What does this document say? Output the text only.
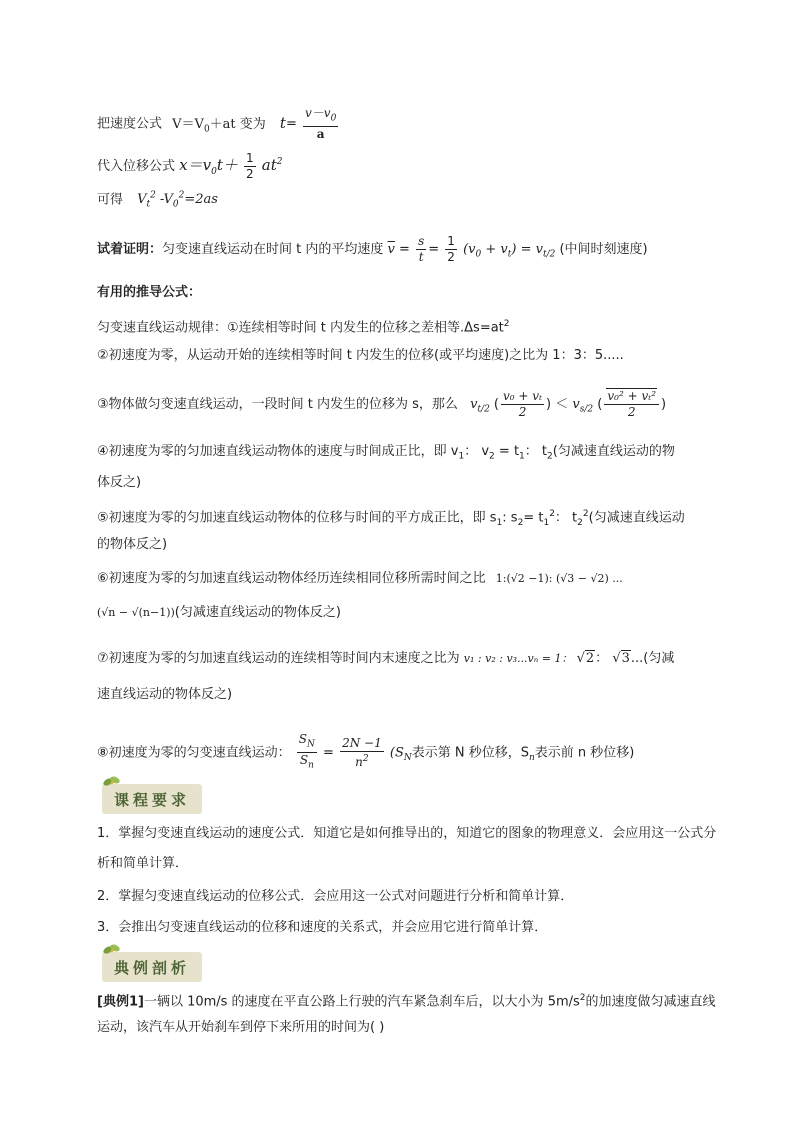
把速度公式 $V=V_0+at$ 变为 $t= \frac{v-v_0}{a}$
代入位移公式 $x=v_0t+ \frac{1}{2} at^2$
可得 $V_t^2$ $-V_0^2=2as$
试着证明：匀变速直线运动在时间 t 内的平均速度 $\overline{v} = \frac{s}{t} = \frac{1}{2} (v_0 + v_t) = v_{t/2}$ (中间时刻速度)
有用的推导公式：
匀变速直线运动规律：①连续相等时间 t 内发生的位移之差相等$.\Delta s=at^2$
②初速度为零，从运动开始的连续相等时间 t 内发生的位移(或平均速度)之比为 1：3：5.....
③物体做匀变速直线运动，一段时间 t 内发生的位移为 s，那么 $v_{t/2}$ ( $\frac{\text{v₀ + vₜ}}{2}$ ) ＜ $v_{s/2}$ ( $\frac{\text{v₀² + vₜ²}}{2}$ )
④初速度为零的匀加速直线运动物体的速度与时间成正比，即 $v_1$： $v_2 = t_1$： $t_2$(匀减速直线运动的物
体反之)
⑤初速度为零的匀加速直线运动物体的位移与时间的平方成正比，即 $s_1$: $s_2= t_1^2$： $t_2^2$(匀减速直线运动
的物体反之)
⑥初速度为零的匀加速直线运动物体经历连续相同位移所需时间之比 1:(√2 −1): (√3 − √2) ...
(√n − √(n−1))(匀减速直线运动的物体反之)
⑦初速度为零的匀加速直线运动的连续相等时间内末速度之比为 v₁ : v₂ : v₃...vₙ = 1： √2： √3...(匀减
速直线运动的物体反之)
⑧初速度为零的匀变速直线运动： $\frac{S_N}{S_n} = \frac{2N -1}{n^2} (S_N$表示第 N 秒位移，$S_n$表示前 n 秒位移)
课程要求
1．掌握匀变速直线运动的速度公式．知道它是如何推导出的，知道它的图象的物理意义．会应用这一公式分析和简单计算．
2．掌握匀变速直线运动的位移公式．会应用这一公式对问题进行分析和简单计算．
3．会推出匀变速直线运动的位移和速度的关系式，并会应用它进行简单计算．
典例剖析
[典例1]一辆以 10m/s 的速度在平直公路上行驶的汽车紧急刹车后，以大小为 $5m/s^2$的加速度做匀减速直线运动，该汽车从开始刹车到停下来所用的时间为( )
